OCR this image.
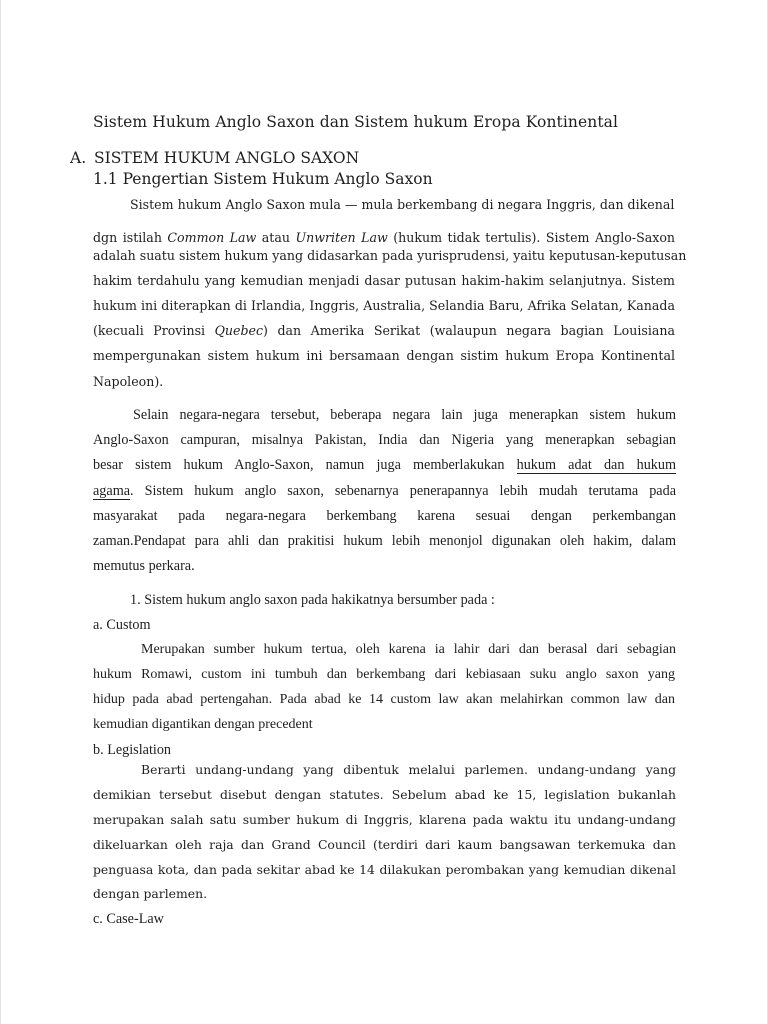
Sistem Hukum Anglo Saxon dan Sistem hukum Eropa Kontinental
A. SISTEM HUKUM ANGLO SAXON
1.1 Pengertian Sistem Hukum Anglo Saxon
Sistem hukum Anglo Saxon mula — mula berkembang di negara Inggris, dan dikenal
dgn istilah Common Law atau Unwriten Law (hukum tidak tertulis). Sistem Anglo-Saxon
adalah suatu sistem hukum yang didasarkan pada yurisprudensi, yaitu keputusan-keputusan
hakim terdahulu yang kemudian menjadi dasar putusan hakim-hakim selanjutnya. Sistem
hukum ini diterapkan di Irlandia, Inggris, Australia, Selandia Baru, Afrika Selatan, Kanada
(kecuali Provinsi Quebec) dan Amerika Serikat (walaupun negara bagian Louisiana
mempergunakan sistem hukum ini bersamaan dengan sistim hukum Eropa Kontinental
Napoleon).
Selain negara-negara tersebut, beberapa negara lain juga menerapkan sistem hukum
Anglo-Saxon campuran, misalnya Pakistan, India dan Nigeria yang menerapkan sebagian
besar sistem hukum Anglo-Saxon, namun juga memberlakukan hukum adat dan hukum
agama. Sistem hukum anglo saxon, sebenarnya penerapannya lebih mudah terutama pada
masyarakat pada negara-negara berkembang karena sesuai dengan perkembangan
zaman.Pendapat para ahli dan prakitisi hukum lebih menonjol digunakan oleh hakim, dalam
memutus perkara.
1. Sistem hukum anglo saxon pada hakikatnya bersumber pada :
a. Custom
Merupakan sumber hukum tertua, oleh karena ia lahir dari dan berasal dari sebagian
hukum Romawi, custom ini tumbuh dan berkembang dari kebiasaan suku anglo saxon yang
hidup pada abad pertengahan. Pada abad ke 14 custom law akan melahirkan common law dan
kemudian digantikan dengan precedent
b. Legislation
Berarti undang-undang yang dibentuk melalui parlemen. undang-undang yang
demikian tersebut disebut dengan statutes. Sebelum abad ke 15, legislation bukanlah
merupakan salah satu sumber hukum di Inggris, klarena pada waktu itu undang-undang
dikeluarkan oleh raja dan Grand Council (terdiri dari kaum bangsawan terkemuka dan
penguasa kota, dan pada sekitar abad ke 14 dilakukan perombakan yang kemudian dikenal
dengan parlemen.
c. Case-Law
